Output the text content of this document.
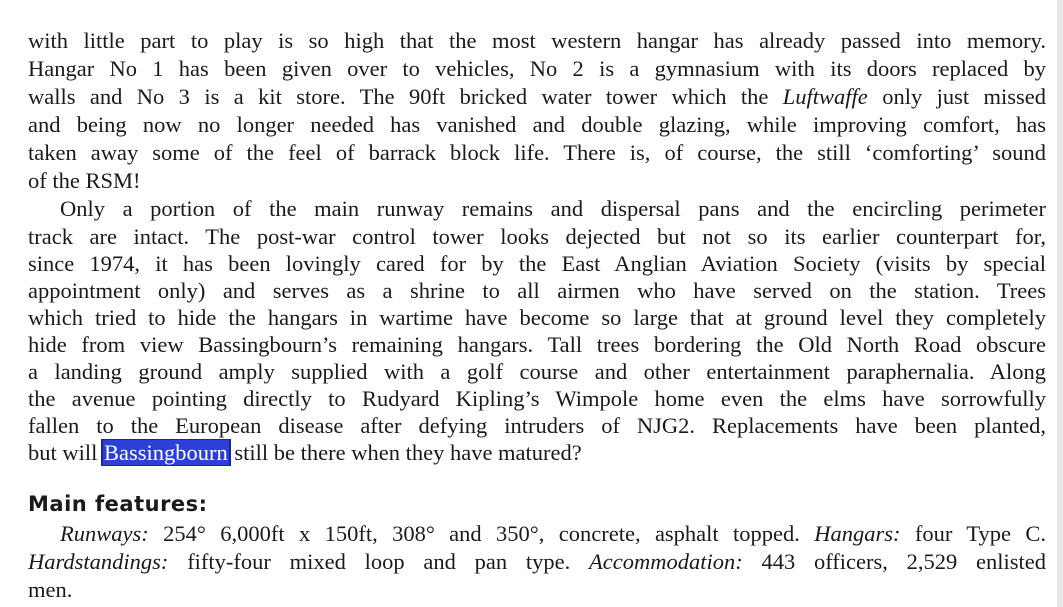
with little part to play is so high that the most western hangar has already passed into memory.
Hangar No 1 has been given over to vehicles, No 2 is a gymnasium with its doors replaced by
walls and No 3 is a kit store. The 90ft bricked water tower which the Luftwaffe only just missed
and being now no longer needed has vanished and double glazing, while improving comfort, has
taken away some of the feel of barrack block life. There is, of course, the still ‘comforting’ sound
of the RSM!
Only a portion of the main runway remains and dispersal pans and the encircling perimeter
track are intact. The post-war control tower looks dejected but not so its earlier counterpart for,
since 1974, it has been lovingly cared for by the East Anglian Aviation Society (visits by special
appointment only) and serves as a shrine to all airmen who have served on the station. Trees
which tried to hide the hangars in wartime have become so large that at ground level they completely
hide from view Bassingbourn’s remaining hangars. Tall trees bordering the Old North Road obscure
a landing ground amply supplied with a golf course and other entertainment paraphernalia. Along
the avenue pointing directly to Rudyard Kipling’s Wimpole home even the elms have sorrowfully
fallen to the European disease after defying intruders of NJG2. Replacements have been planted,
but will Bassingbourn still be there when they have matured?
Main features:
Runways: 254° 6,000ft x 150ft, 308° and 350°, concrete, asphalt topped. Hangars: four Type C.
Hardstandings: fifty-four mixed loop and pan type. Accommodation: 443 officers, 2,529 enlisted
men.
